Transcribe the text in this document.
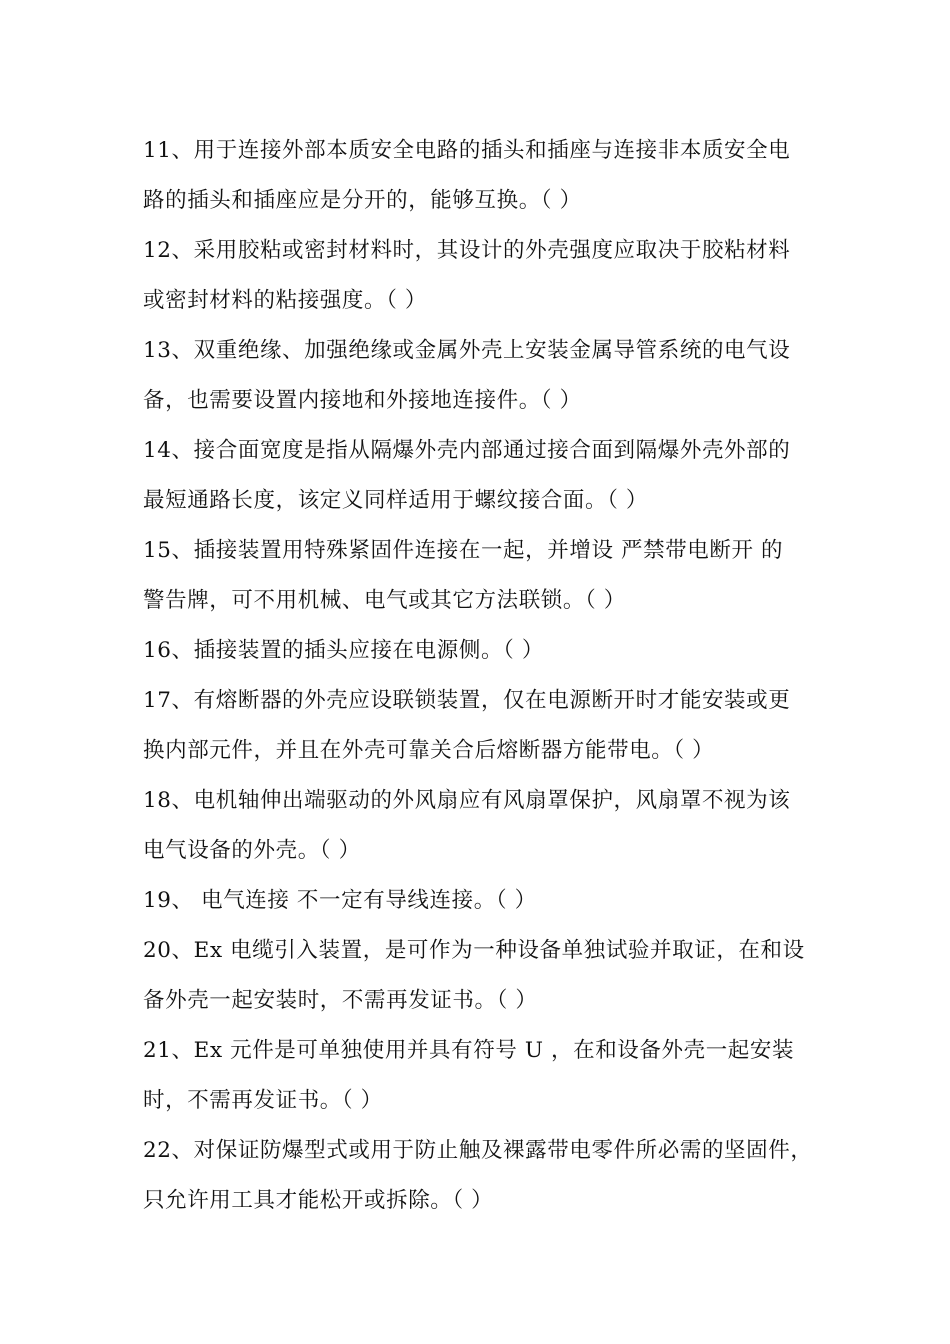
11、用于连接外部本质安全电路的插头和插座与连接非本质安全电
路的插头和插座应是分开的，能够互换。（ ）
12、采用胶粘或密封材料时，其设计的外壳强度应取决于胶粘材料
或密封材料的粘接强度。（ ）
13、双重绝缘、加强绝缘或金属外壳上安装金属导管系统的电气设
备，也需要设置内接地和外接地连接件。（ ）
14、接合面宽度是指从隔爆外壳内部通过接合面到隔爆外壳外部的
最短通路长度，该定义同样适用于螺纹接合面。（ ）
15、插接装置用特殊紧固件连接在一起，并增设 严禁带电断开 的
警告牌，可不用机械、电气或其它方法联锁。（ ）
16、插接装置的插头应接在电源侧。（ ）
17、有熔断器的外壳应设联锁装置，仅在电源断开时才能安装或更
换内部元件，并且在外壳可靠关合后熔断器方能带电。（ ）
18、电机轴伸出端驱动的外风扇应有风扇罩保护，风扇罩不视为该
电气设备的外壳。（ ）
19、 电气连接 不一定有导线连接。（ ）
20、Ex 电缆引入装置，是可作为一种设备单独试验并取证，在和设
备外壳一起安装时，不需再发证书。（ ）
21、Ex 元件是可单独使用并具有符号 U ，在和设备外壳一起安装
时，不需再发证书。（ ）
22、对保证防爆型式或用于防止触及裸露带电零件所必需的坚固件，
只允许用工具才能松开或拆除。（ ）
